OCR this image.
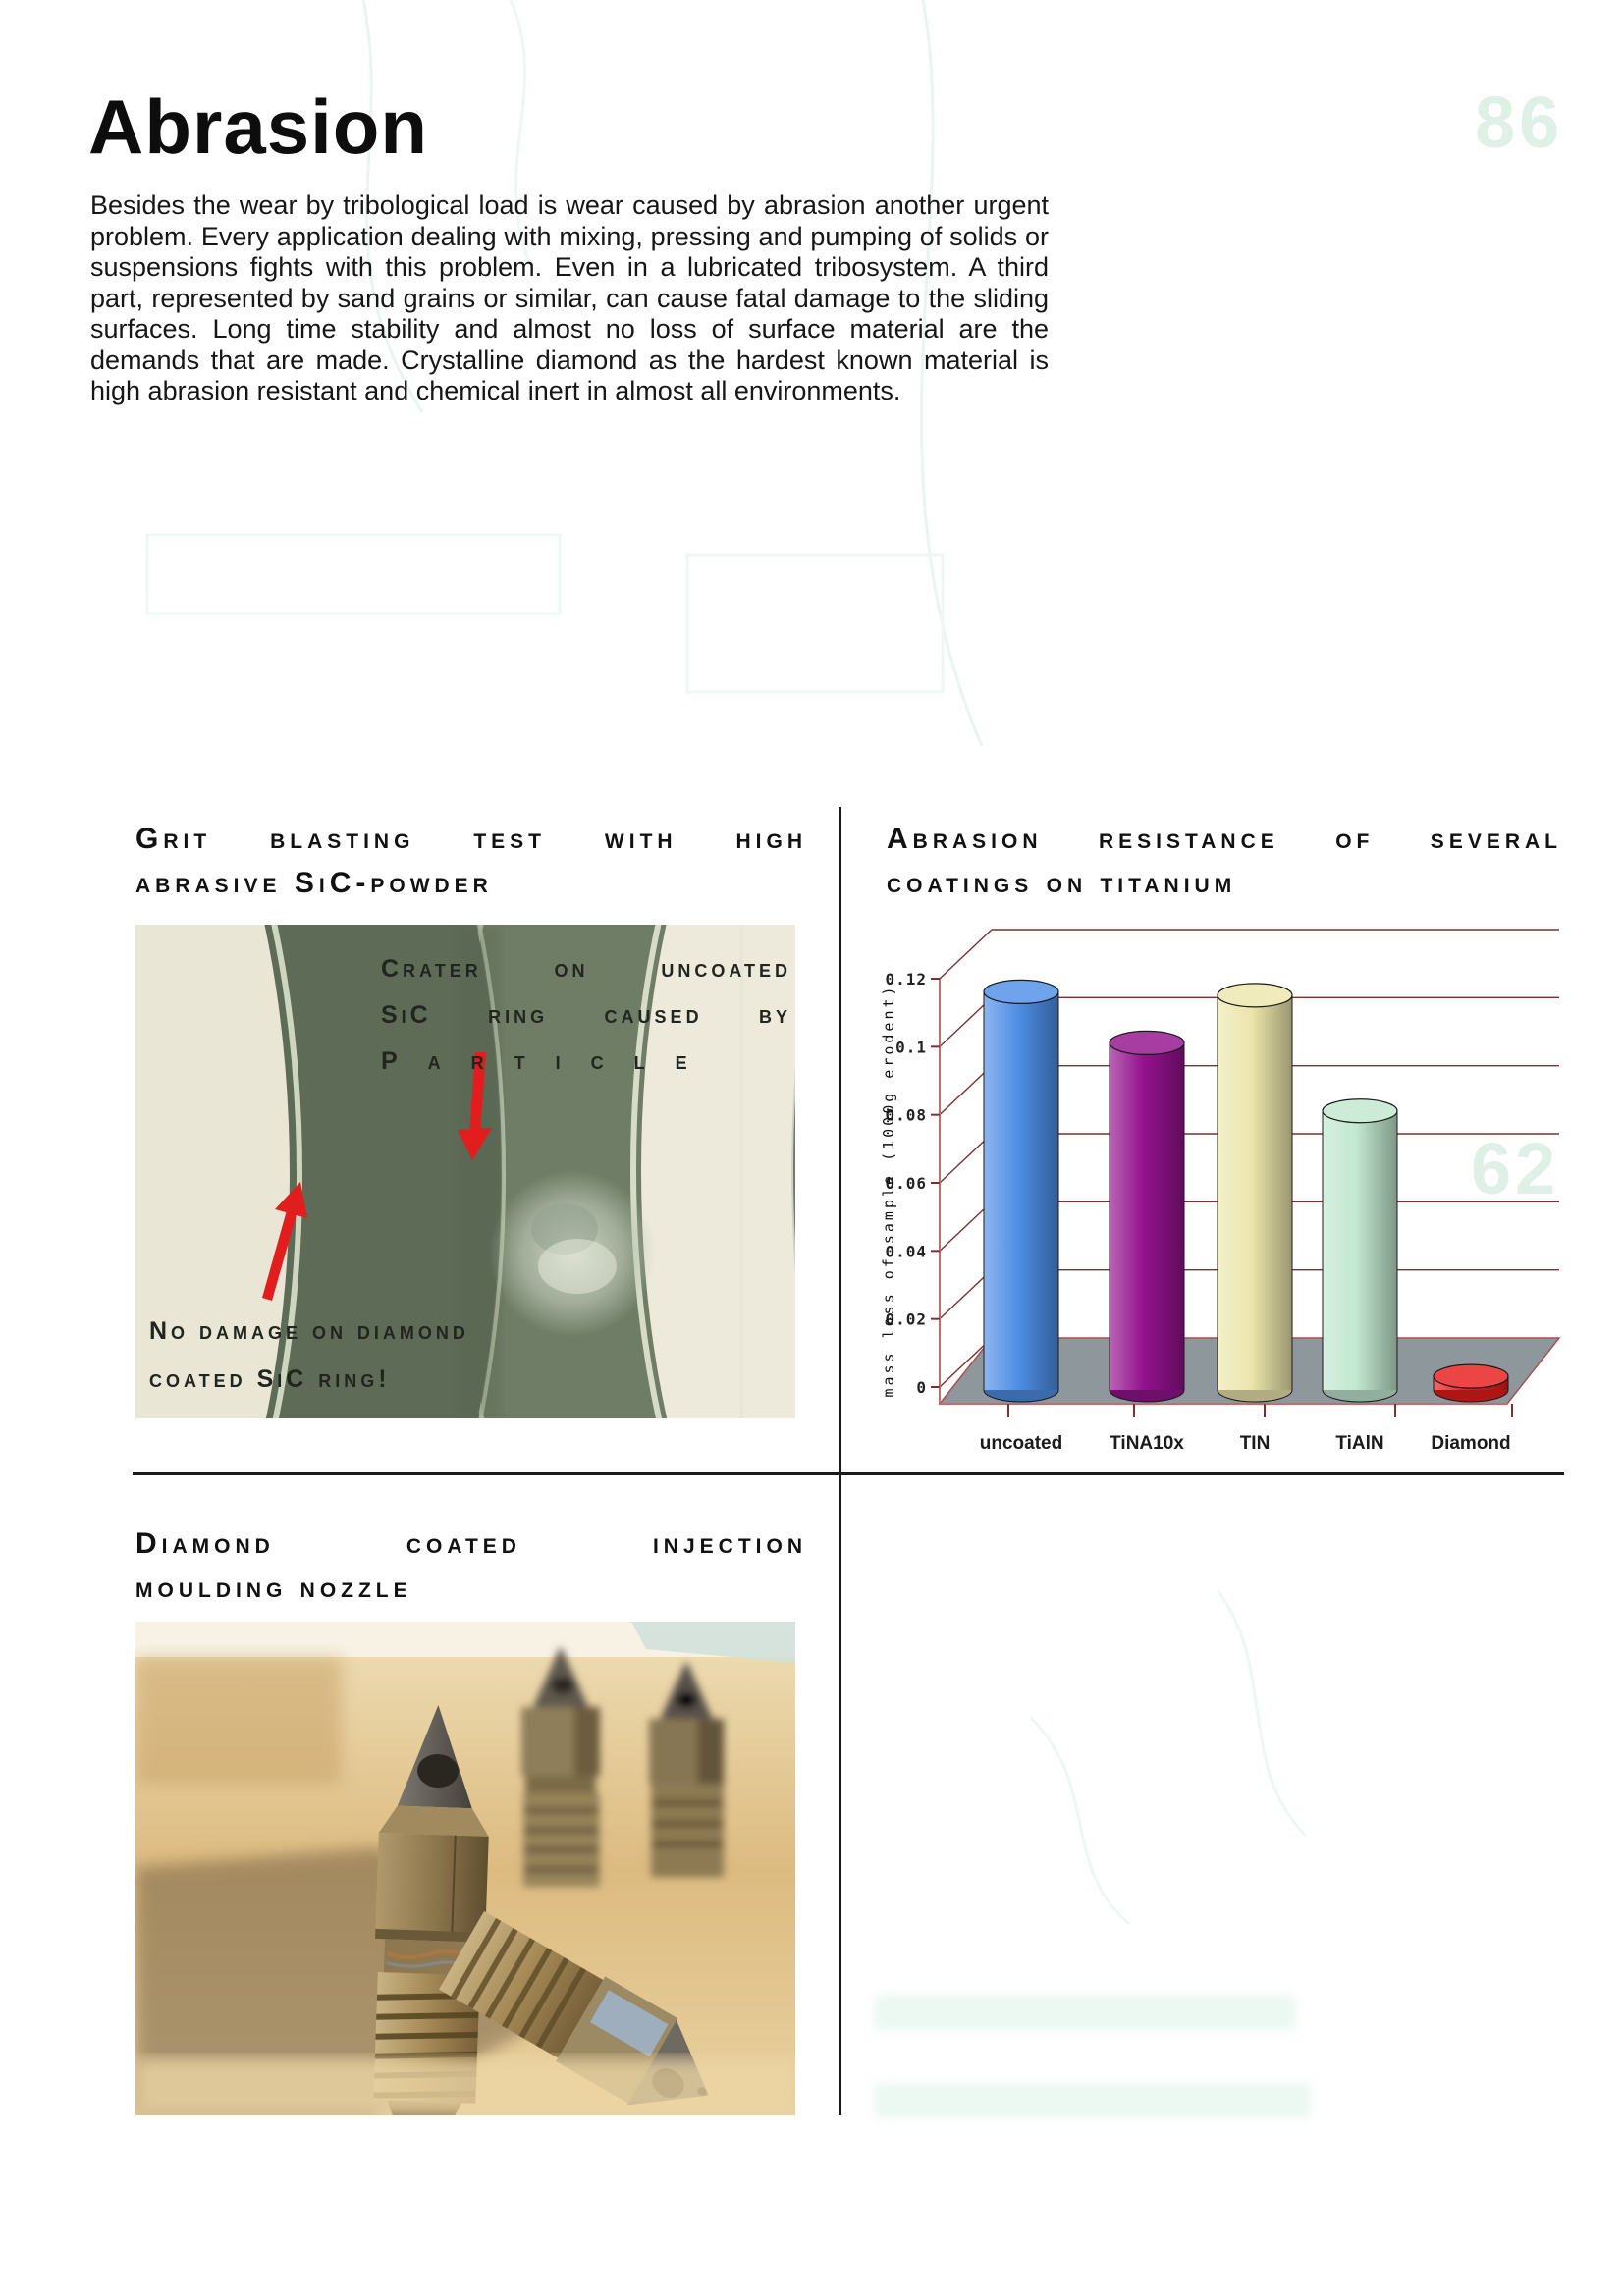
86
62
Abrasion
Besides the wear by tribological load is wear caused by abrasion another urgent problem. Every application dealing with mixing, pressing and pumping of solids or suspensions fights with this problem. Even in a lubricated tribosystem. A third part, represented by sand grains or similar, can cause fatal damage to the sliding surfaces. Long time stability and almost no loss of surface material are the demands that are made. Crystalline diamond as the hardest known material is high abrasion resistant and chemical inert in almost all environments.
Grit blasting test with high
abrasive SiC-powder
Abrasion resistance of several
coatings on titanium
Crater on uncoated
SiC ring caused by
Particle
No damage on diamond
coated SiC ring!	0
0.02
0.04
0.06
0.08
0.1
0.12
uncoated	TiNA10x	TIN	TiAlN	Diamond
mass loss of sample (1000g erodent)
Diamond coated injection
moulding nozzle
